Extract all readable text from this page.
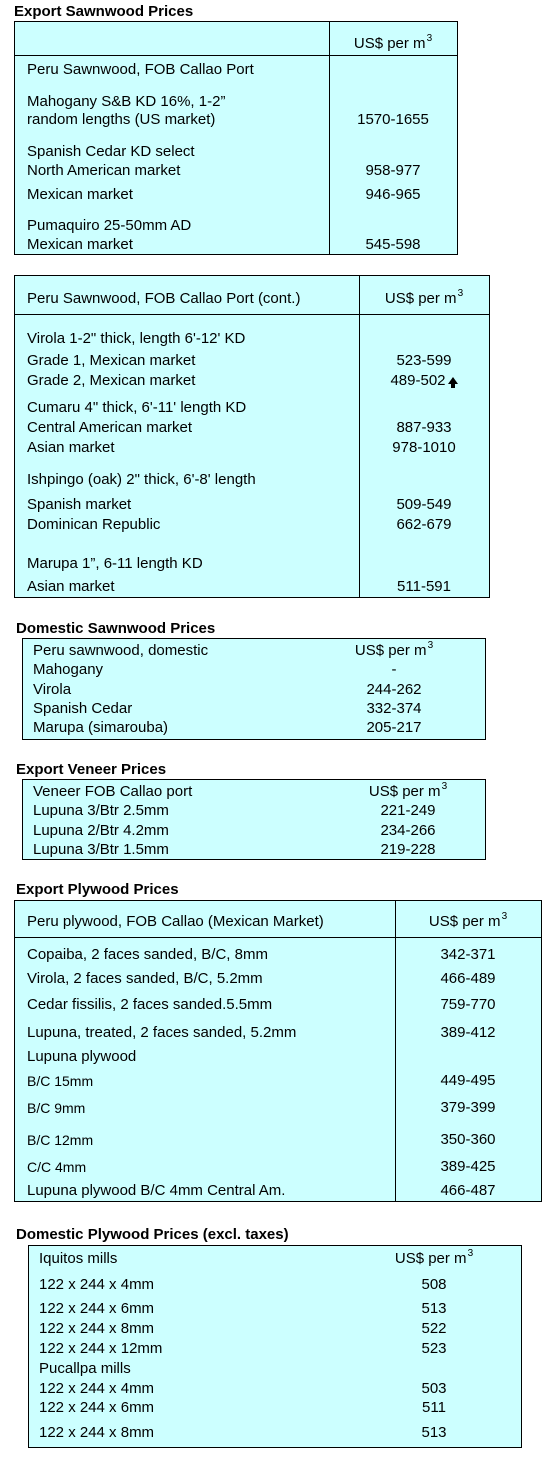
Export Sawnwood Prices
US$ per $m^3$
Peru Sawnwood, FOB Callao Port
Mahogany S&B KD 16%, 1-2”
random lengths (US market)	1570-1655
Spanish Cedar KD select
North American market	958-977
Mexican market	946-965
Pumaquiro 25-50mm AD
Mexican market	545-598
Peru Sawnwood, FOB Callao Port (cont.)	US$ per $m^3$
Virola 1-2" thick, length 6'-12' KD
Grade 1, Mexican market	523-599
Grade 2, Mexican market	489-502
Cumaru 4" thick, 6'-11' length KD
Central American market	887-933
Asian market	978-1010
Ishpingo (oak) 2" thick, 6'-8' length
Spanish market	509-549
Dominican Republic	662-679
Marupa 1”, 6-11 length KD
Asian market	511-591
Domestic Sawnwood Prices
Peru sawnwood, domestic	US$ per $m^3$
Mahogany	-
Virola	244-262
Spanish Cedar	332-374
Marupa (simarouba)	205-217
Export Veneer Prices
Veneer FOB Callao port	US$ per $m^3$
Lupuna 3/Btr 2.5mm	221-249
Lupuna 2/Btr 4.2mm	234-266
Lupuna 3/Btr 1.5mm	219-228
Export Plywood Prices
Peru plywood, FOB Callao (Mexican Market)	US$ per $m^3$
Copaiba, 2 faces sanded, B/C, 8mm	342-371
Virola, 2 faces sanded, B/C, 5.2mm	466-489
Cedar fissilis, 2 faces sanded.5.5mm	759-770
Lupuna, treated, 2 faces sanded, 5.2mm	389-412
Lupuna plywood
B/C 15mm	449-495
B/C 9mm	379-399
B/C 12mm	350-360
C/C 4mm	389-425
Lupuna plywood B/C 4mm Central Am.	466-487
Domestic Plywood Prices (excl. taxes)
Iquitos mills	US$ per $m^3$
122 x 244 x 4mm	508
122 x 244 x 6mm	513
122 x 244 x 8mm	522
122 x 244 x 12mm	523
Pucallpa mills
122 x 244 x 4mm	503
122 x 244 x 6mm	511
122 x 244 x 8mm	513
